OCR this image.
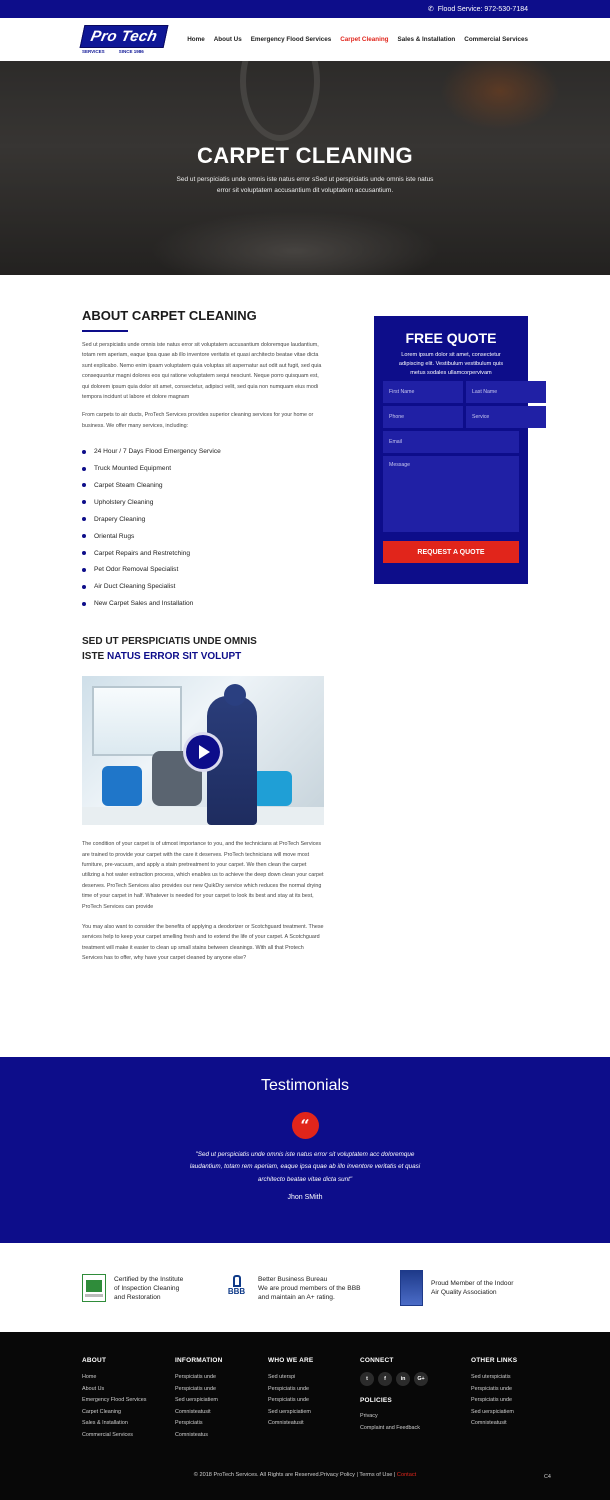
✆ Flood Service: 972-530-7184
Pro Tech
SERVICES	SINCE 1986
Home About Us Emergency Flood Services Carpet Cleaning Sales & Installation Commercial Services
CARPET CLEANING
Sed ut perspiciatis unde omnis iste natus error sSed ut perspiciatis unde omnis iste natus error sit voluptatem accusantium dit voluptatem accusantium.
ABOUT CARPET CLEANING

Sed ut perspiciatis unde omnis iste natus error sit voluptatem accusantium doloremque laudantium, totam rem aperiam, eaque ipsa quae ab illo inventore veritatis et quasi architecto beatae vitae dicta sunt explicabo. Nemo enim ipsam voluptatem quia voluptas sit aspernatur aut odit aut fugit, sed quia consequuntur magni dolores eos qui ratione voluptatem sequi nesciunt. Neque porro quisquam est, qui dolorem ipsum quia dolor sit amet, consectetur, adipisci velit, sed quia non numquam eius modi tempora incidunt ut labore et dolore magnam

From carpets to air ducts, ProTech Services provides superior cleaning services for your home or business. We offer many services, including:

24 Hour / 7 Days Flood Emergency Service
Truck Mounted Equipment
Carpet Steam Cleaning
Upholstery Cleaning
Drapery Cleaning
Oriental Rugs
Carpet Repairs and Restretching
Pet Odor Removal Specialist
Air Duct Cleaning Specialist
New Carpet Sales and Installation
SED UT PERSPICIATIS UNDE OMNIS
ISTE NATUS ERROR SIT VOLUPT

The condition of your carpet is of utmost importance to you, and the technicians at ProTech Services are trained to provide your carpet with the care it deserves. ProTech technicians will move most furniture, pre-vacuum, and apply a stain pretreatment to your carpet. We then clean the carpet utilizing a hot water extraction process, which enables us to achieve the deep down clean your carpet deserves. ProTech Services also provides our new QuikDry service which reduces the normal drying time of your carpet in half. Whatever is needed for your carpet to look its best and stay at its best, ProTech Services can provide

You may also want to consider the benefits of applying a deodorizer or Scotchguard treatment. These services help to keep your carpet smelling fresh and to extend the life of your carpet. A Scotchguard treatment will make it easier to clean up small stains between cleanings. With all that Protech Services has to offer, why have your carpet cleaned by anyone else?

FREE QUOTE
Lorem ipsum dolor sit amet, consectetur adipiscing elit. Vestibulum vestibulum quis metus sodales ullamcorpervivam
First Name
Last Name
Phone
Service
Email Message REQUEST A QUOTE
Testimonials
“
"Sed ut perspiciatis unde omnis iste natus error sit voluptatem acc doloremque laudantium, totam rem aperiam, eaque ipsa quae ab illo inventore veritatis et quasi architecto beatae vitae dicta sunt"
Jhon SMith
Certified by the Institute
of Inspection Cleaning
and Restoration
BBB
Better Business Bureau
We are proud members of the BBB
and maintain an A+ rating.
Proud Member of the Indoor
Air Quality Association
ABOUT
Home
About Us
Emergency Flood Services
Carpet Cleaning
Sales & Installation
Commercial Services
INFORMATION
Perspiciatis unde
Perspiciatis unde
Sed uerspiciatiem
Comnisteatusit
Perspiciatis
Comnisteatus
WHO WE ARE
Sed uterspi
Perspiciatis unde
Perspiciatis unde
Sed uerspiciatiem
Comnisteatusit
CONNECT
t	f	in	G+
POLICIES
Privacy
Complaint and Feedback
OTHER LINKS
Sed uterspiciatis
Perspiciatis unde
Perspiciatis unde
Sed uerspiciatiem
Comnisteatusit
© 2018 ProTech Services. All Rights are Reserved.Privacy Policy | Terms of Use | Contact	C4
